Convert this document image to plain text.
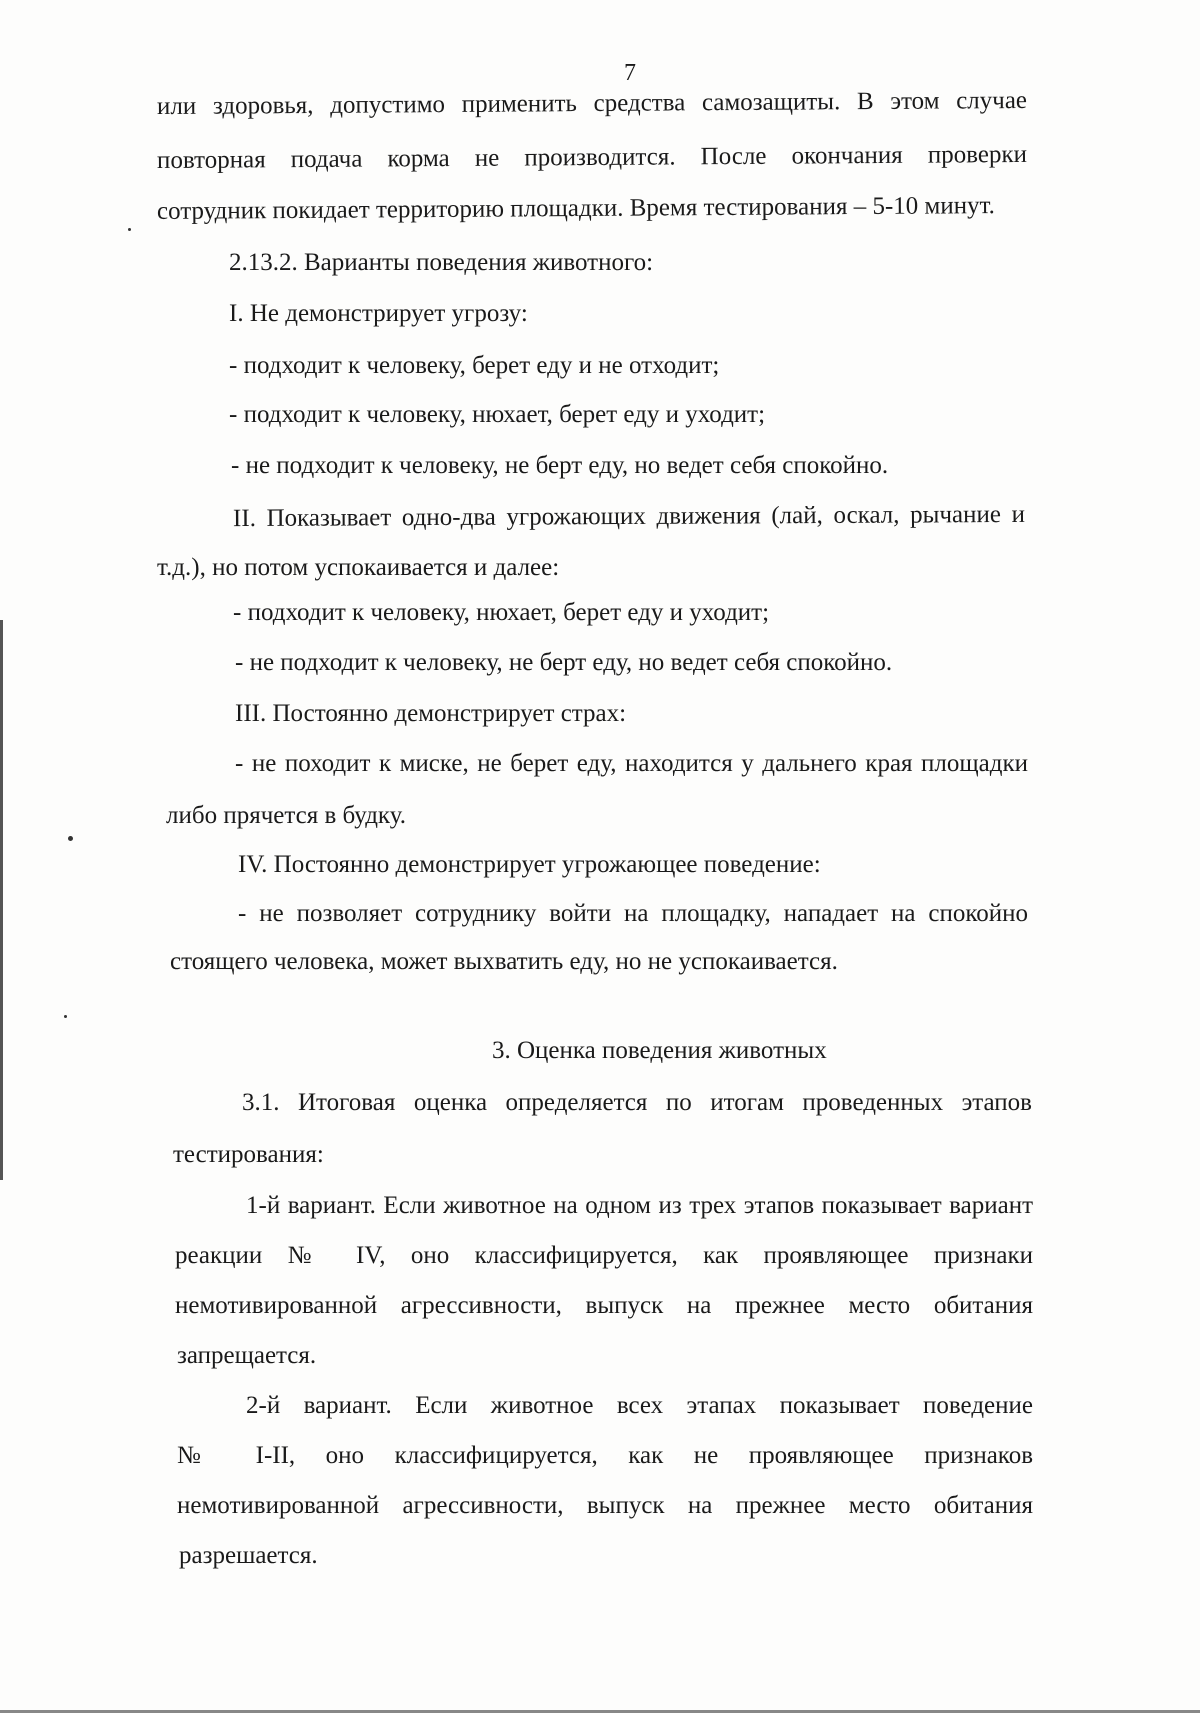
7
или здоровья, допустимо применить средства самозащиты. В этом случае
повторная подача корма не производится. После окончания проверки
сотрудник покидает территорию площадки. Время тестирования – 5-10 минут.
2.13.2. Варианты поведения животного:
I. Не демонстрирует угрозу:
- подходит к человеку, берет еду и не отходит;
- подходит к человеку, нюхает, берет еду и уходит;
- не подходит к человеку, не берт еду, но ведет себя спокойно.
II. Показывает одно-два угрожающих движения (лай, оскал, рычание и
т.д.), но потом успокаивается и далее:
- подходит к человеку, нюхает, берет еду и уходит;
- не подходит к человеку, не берт еду, но ведет себя спокойно.
III. Постоянно демонстрирует страх:
- не походит к миске, не берет еду, находится у дальнего края площадки
либо прячется в будку.
IV. Постоянно демонстрирует угрожающее поведение:
- не позволяет сотруднику войти на площадку, нападает на спокойно
стоящего человека, может выхватить еду, но не успокаивается.
3. Оценка поведения животных
3.1. Итоговая оценка определяется по итогам проведенных этапов
тестирования:
1-й вариант. Если животное на одном из трех этапов показывает вариант
реакции № IV, оно классифицируется, как проявляющее признаки
немотивированной агрессивности, выпуск на прежнее место обитания
запрещается.
2-й вариант. Если животное всех этапах показывает поведение
№ I-II, оно классифицируется, как не проявляющее признаков
немотивированной агрессивности, выпуск на прежнее место обитания
разрешается.
